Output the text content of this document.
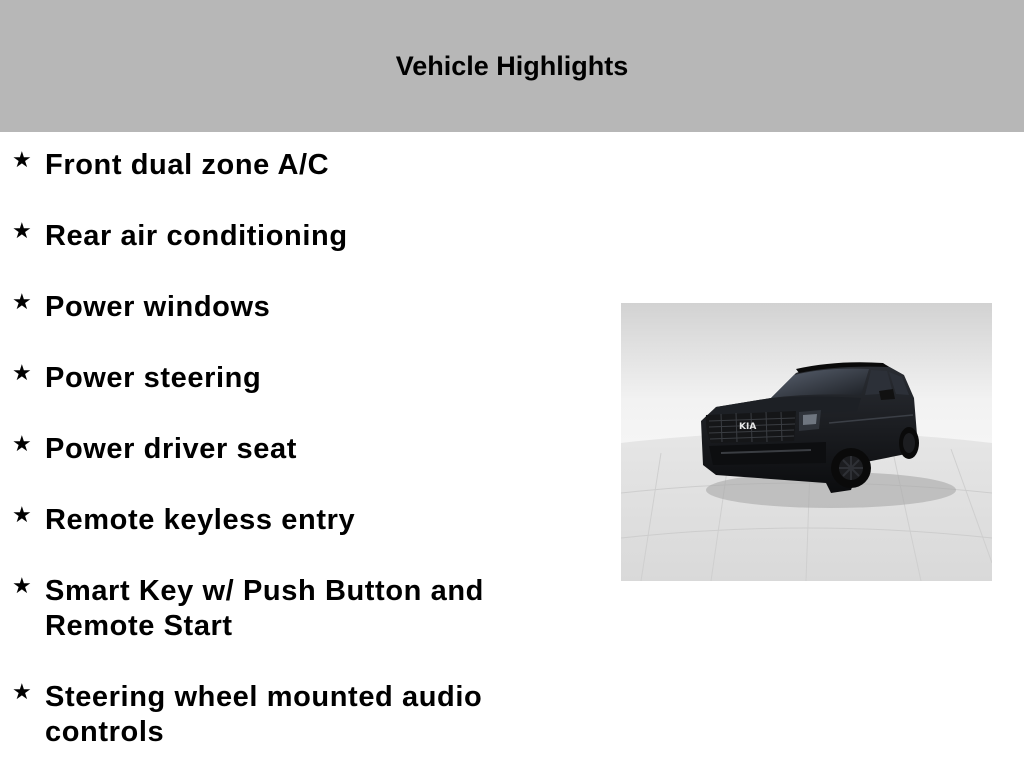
Vehicle Highlights
★ Front dual zone A/C
★ Rear air conditioning
★ Power windows
★ Power steering
★ Power driver seat
★ Remote keyless entry
★ Smart Key w/ Push Button and Remote Start
★ Steering wheel mounted audio controls
KIA
